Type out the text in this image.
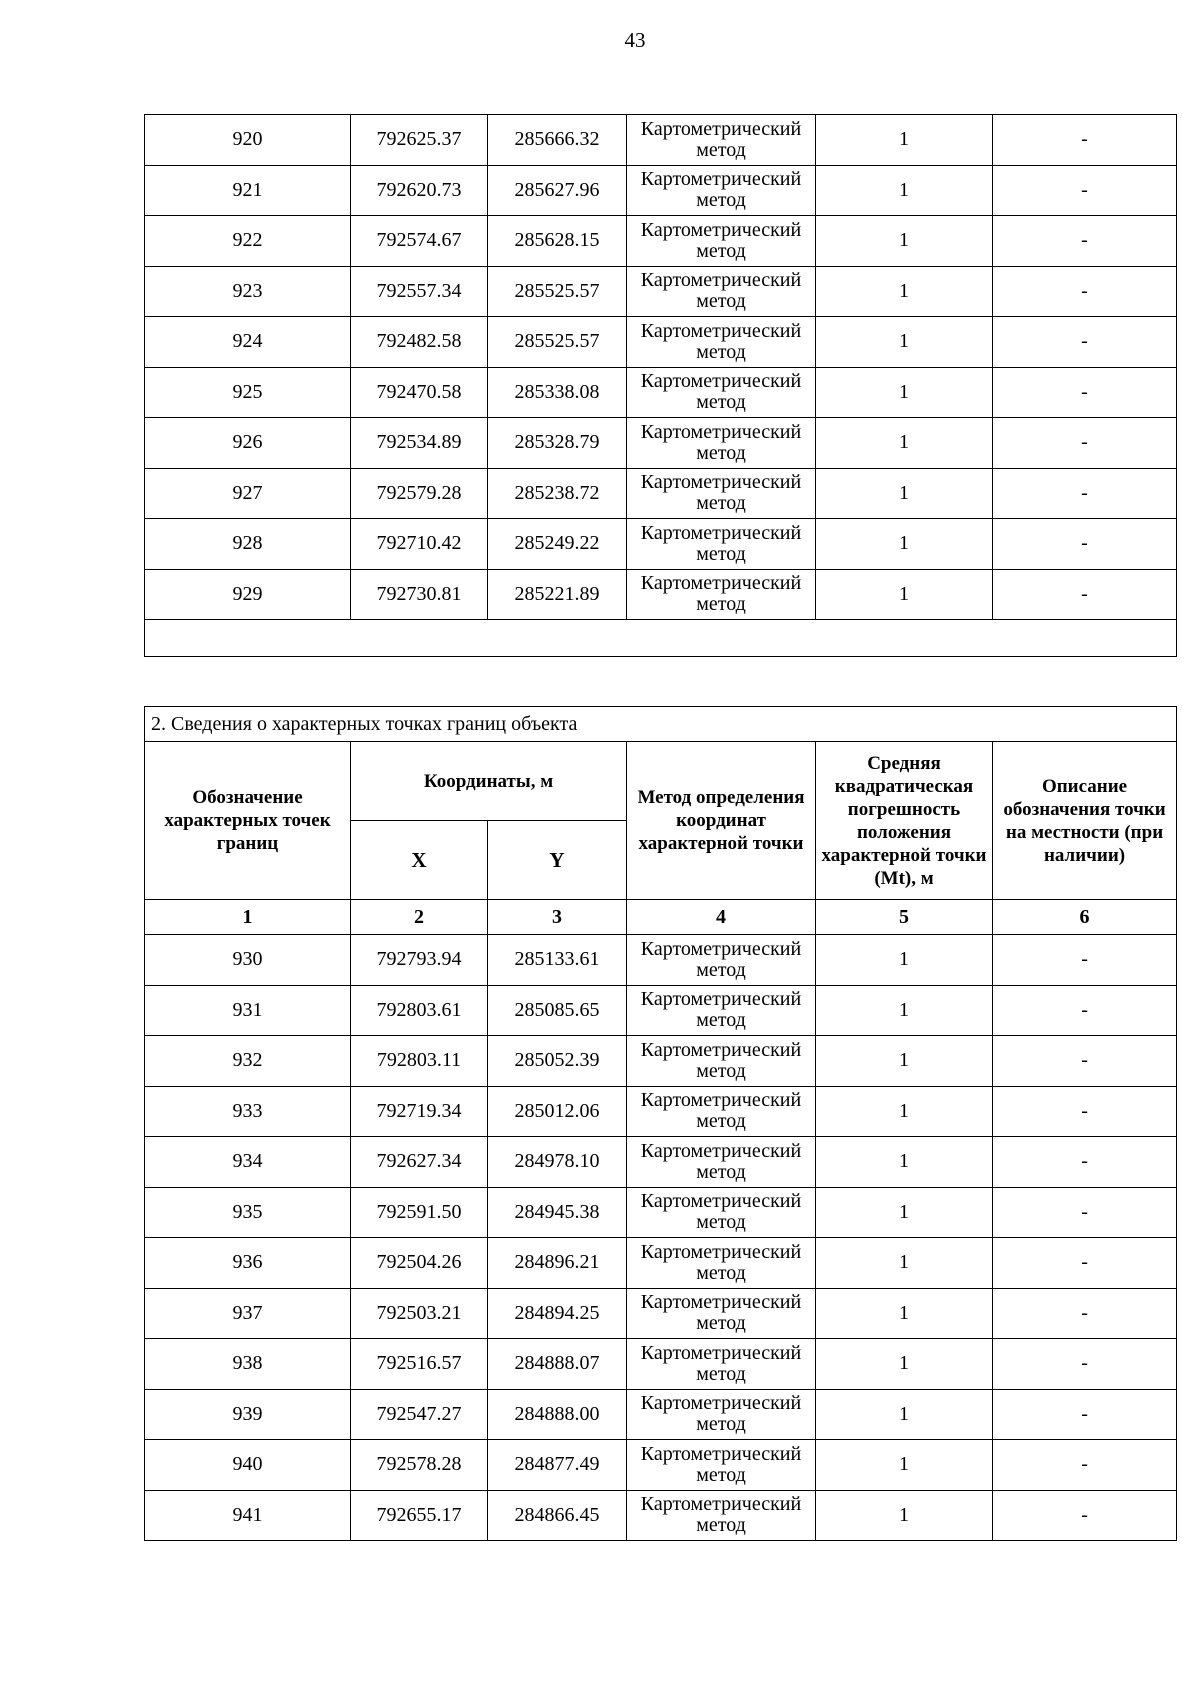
43
920	792625.37	285666.32	Картометрический метод	1	-
921	792620.73	285627.96	Картометрический метод	1	-
922	792574.67	285628.15	Картометрический метод	1	-
923	792557.34	285525.57	Картометрический метод	1	-
924	792482.58	285525.57	Картометрический метод	1	-
925	792470.58	285338.08	Картометрический метод	1	-
926	792534.89	285328.79	Картометрический метод	1	-
927	792579.28	285238.72	Картометрический метод	1	-
928	792710.42	285249.22	Картометрический метод	1	-
929	792730.81	285221.89	Картометрический метод	1	-

2. Сведения о характерных точках границ объекта					
Обозначение характерных точек границ	Координаты, м		Метод определения координат характерной точки	Средняя квадратическая погрешность положения характерной точки (Mt), м	Описание обозначения точки на местности (при наличии)
	X	Y			
1	2	3	4	5	6
930	792793.94	285133.61	Картометрический метод	1	-
931	792803.61	285085.65	Картометрический метод	1	-
932	792803.11	285052.39	Картометрический метод	1	-
933	792719.34	285012.06	Картометрический метод	1	-
934	792627.34	284978.10	Картометрический метод	1	-
935	792591.50	284945.38	Картометрический метод	1	-
936	792504.26	284896.21	Картометрический метод	1	-
937	792503.21	284894.25	Картометрический метод	1	-
938	792516.57	284888.07	Картометрический метод	1	-
939	792547.27	284888.00	Картометрический метод	1	-
940	792578.28	284877.49	Картометрический метод	1	-
941	792655.17	284866.45	Картометрический метод	1	-
